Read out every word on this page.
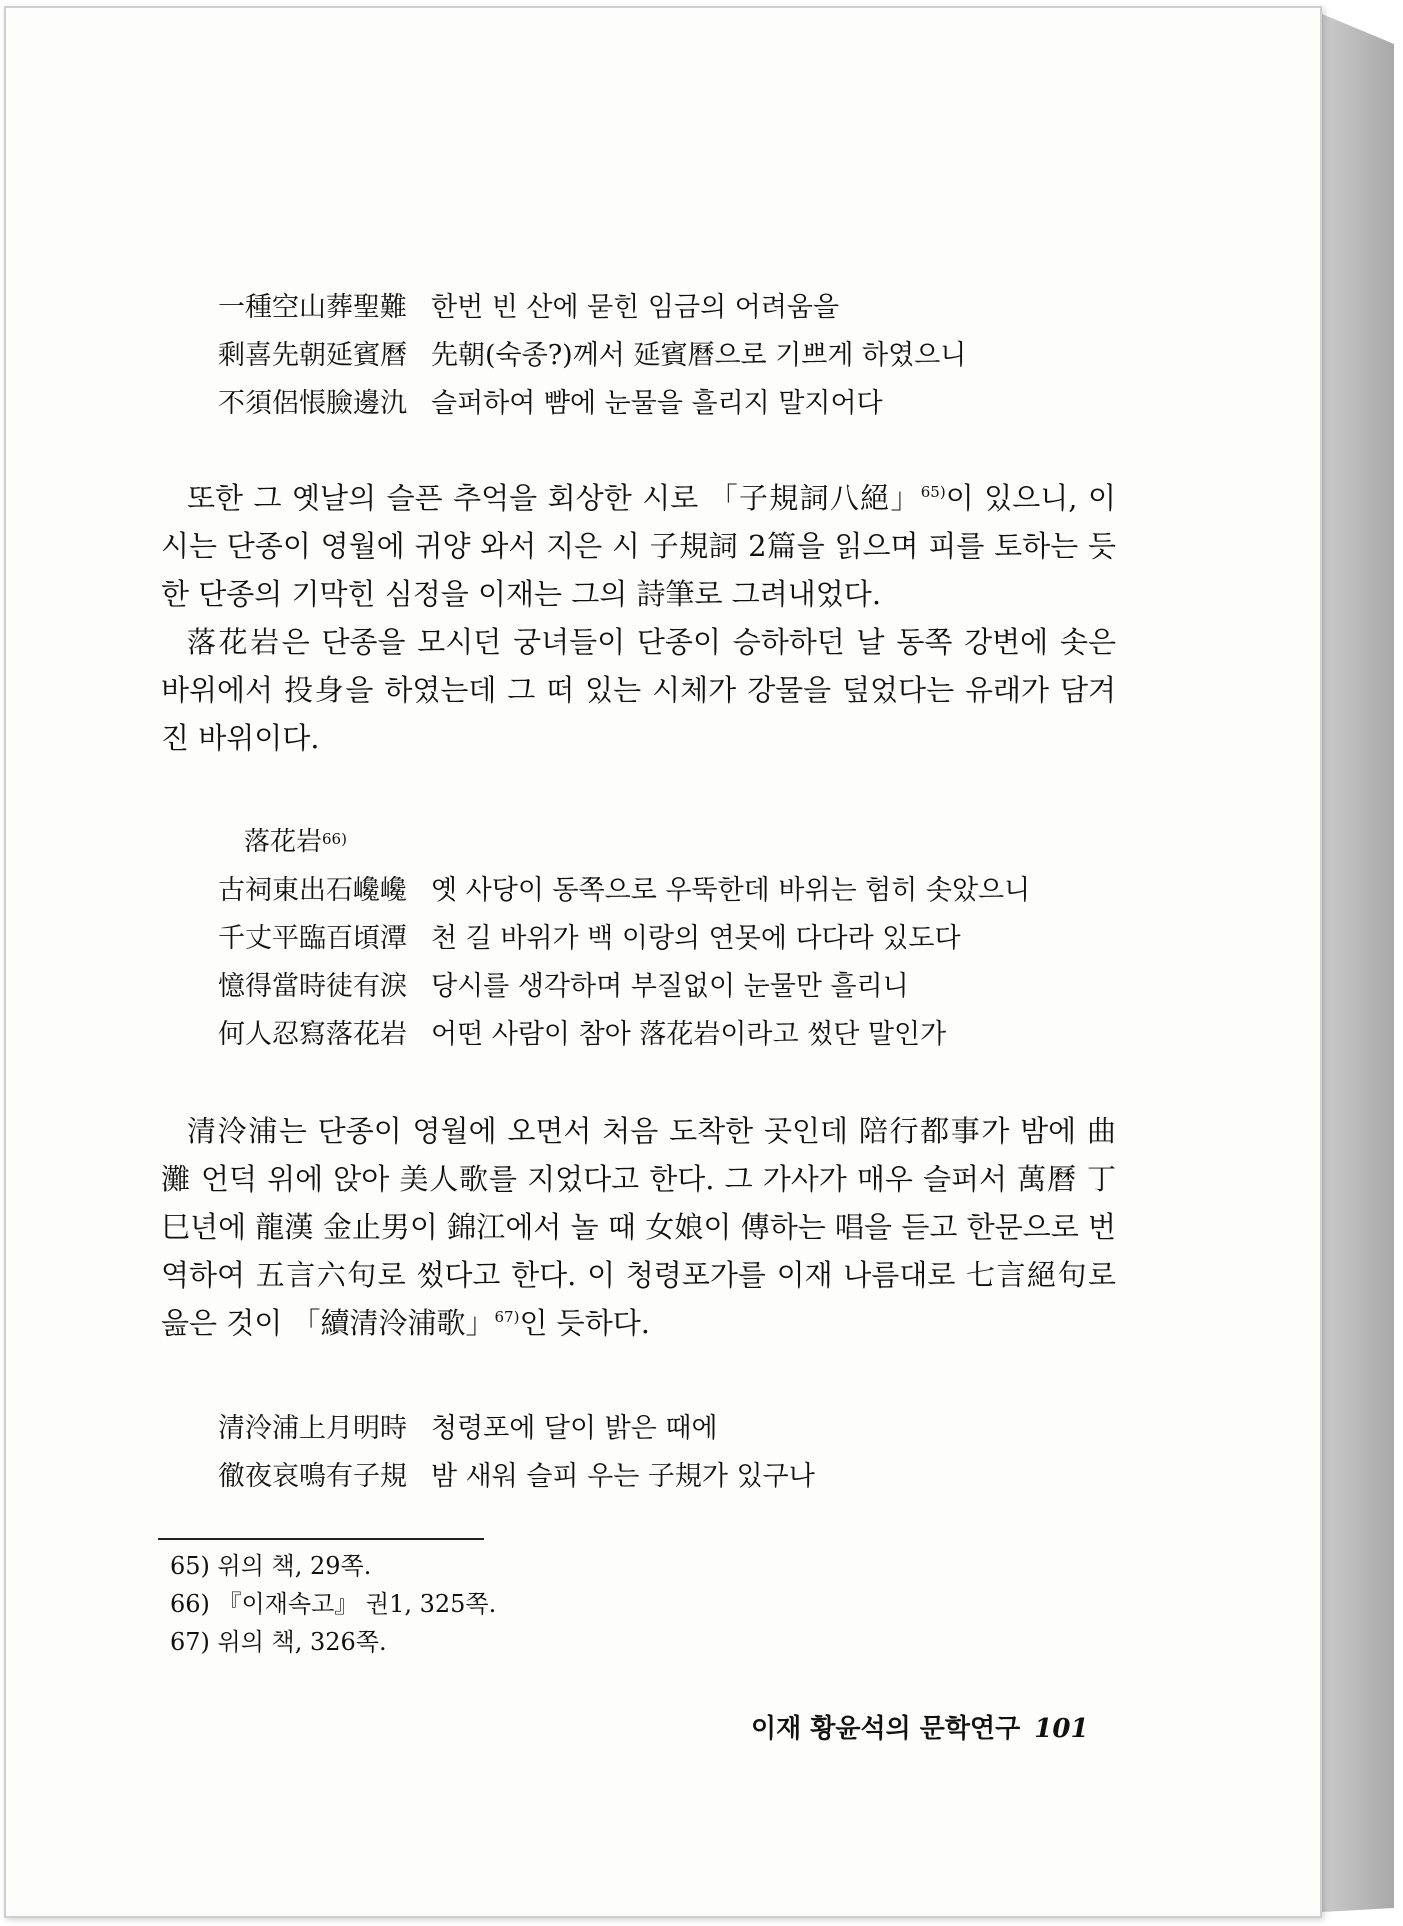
一種空山葬聖難 한번 빈 산에 묻힌 임금의 어려움을
剩喜先朝延賓曆 先朝(숙종?)께서 延賓曆으로 기쁘게 하였으니
不須侶悵臉邊氿 슬퍼하여 뺨에 눈물을 흘리지 말지어다

또한 그 옛날의 슬픈 추억을 회상한 시로 「子規詞八絕」$^{65)}$이 있으니, 이 시는 단종이 영월에 귀양 와서 지은 시 子規詞 2篇을 읽으며 피를 토하는 듯한 단종의 기막힌 심정을 이재는 그의 詩筆로 그려내었다.

落花岩은 단종을 모시던 궁녀들이 단종이 승하하던 날 동쪽 강변에 솟은 바위에서 投身을 하였는데 그 떠 있는 시체가 강물을 덮었다는 유래가 담겨진 바위이다.

落花岩 66)
古祠東出石巉巉 옛 사당이 동쪽으로 우뚝한데 바위는 험히 솟았으니
千丈平臨百頃潭 천 길 바위가 백 이랑의 연못에 다다라 있도다
憶得當時徒有淚 당시를 생각하며 부질없이 눈물만 흘리니
何人忍寫落花岩 어떤 사람이 참아 落花岩이라고 썼단 말인가

清泠浦는 단종이 영월에 오면서 처음 도착한 곳인데 陪行都事가 밤에 曲灘 언덕 위에 앉아 美人歌를 지었다고 한다. 그 가사가 매우 슬퍼서 萬曆 丁巳년에 龍漢 金止男이 錦江에서 놀 때 女娘이 傳하는 唱을 듣고 한문으로 번역하여 五言六句로 썼다고 한다. 이 청령포가를 이재 나름대로 七言絕句로 읊은 것이 「續清泠浦歌」$^{67)}$인 듯하다.

清泠浦上月明時 청령포에 달이 밝은 때에
徹夜哀鳴有子規 밤 새워 슬피 우는 子規가 있구나
65) 위의 책, 29쪽.
66) 『이재속고』 권1, 325쪽.
67) 위의 책, 326쪽.
이재 황윤석의 문학연구 101
